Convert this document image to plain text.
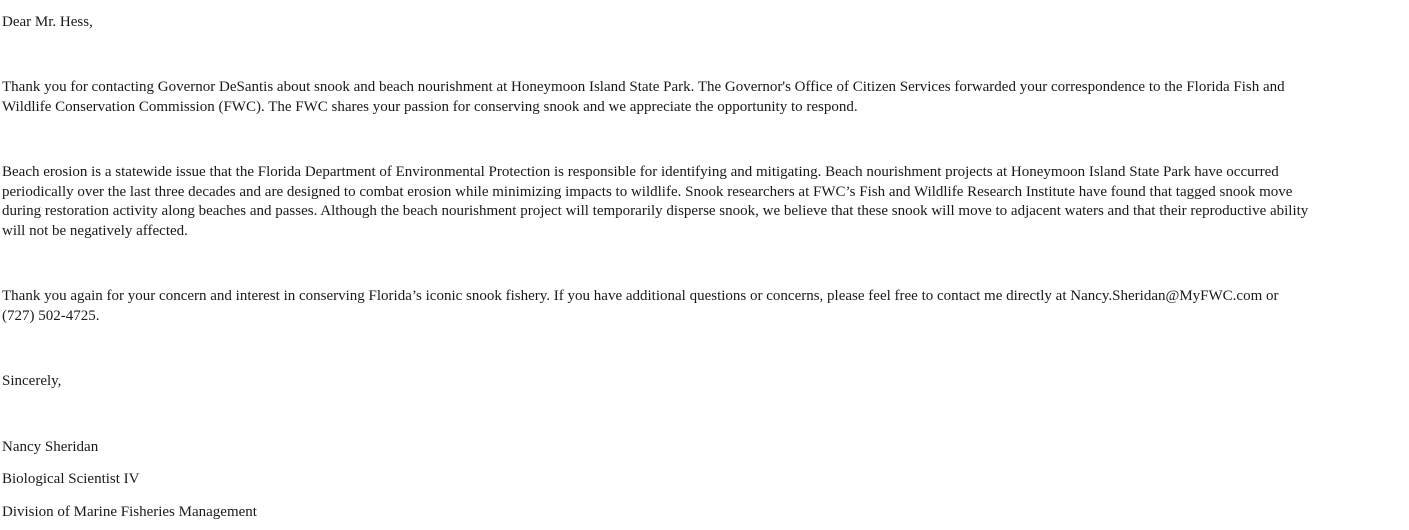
Dear Mr. Hess,

Thank you for contacting Governor DeSantis about snook and beach nourishment at Honeymoon Island State Park. The Governor's Office of Citizen Services forwarded your correspondence to the Florida Fish and
Wildlife Conservation Commission (FWC). The FWC shares your passion for conserving snook and we appreciate the opportunity to respond.

Beach erosion is a statewide issue that the Florida Department of Environmental Protection is responsible for identifying and mitigating. Beach nourishment projects at Honeymoon Island State Park have occurred
periodically over the last three decades and are designed to combat erosion while minimizing impacts to wildlife. Snook researchers at FWC’s Fish and Wildlife Research Institute have found that tagged snook move
during restoration activity along beaches and passes. Although the beach nourishment project will temporarily disperse snook, we believe that these snook will move to adjacent waters and that their reproductive ability
will not be negatively affected.

Thank you again for your concern and interest in conserving Florida’s iconic snook fishery. If you have additional questions or concerns, please feel free to contact me directly at Nancy.Sheridan@MyFWC.com or
(727) 502-4725.

Sincerely,

Nancy Sheridan

Biological Scientist IV

Division of Marine Fisheries Management
